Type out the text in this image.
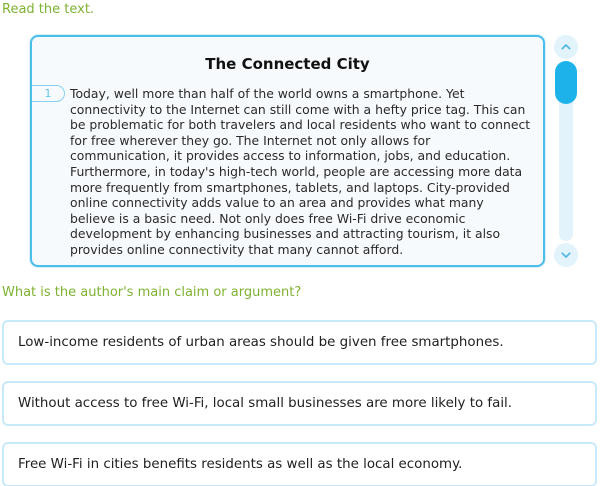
Read the text.
The Connected City
1	Today, well more than half of the world owns a smartphone. Yet connectivity to the Internet can still come with a hefty price tag. This can be problematic for both travelers and local residents who want to connect for free wherever they go. The Internet not only allows for communication, it provides access to information, jobs, and education. Furthermore, in today's high-tech world, people are accessing more data more frequently from smartphones, tablets, and laptops. City-provided online connectivity adds value to an area and provides what many believe is a basic need. Not only does free Wi-Fi drive economic development by enhancing businesses and attracting tourism, it also provides online connectivity that many cannot afford.
What is the author's main claim or argument?
Low-income residents of urban areas should be given free smartphones.
Without access to free Wi-Fi, local small businesses are more likely to fail.
Free Wi-Fi in cities benefits residents as well as the local economy.
